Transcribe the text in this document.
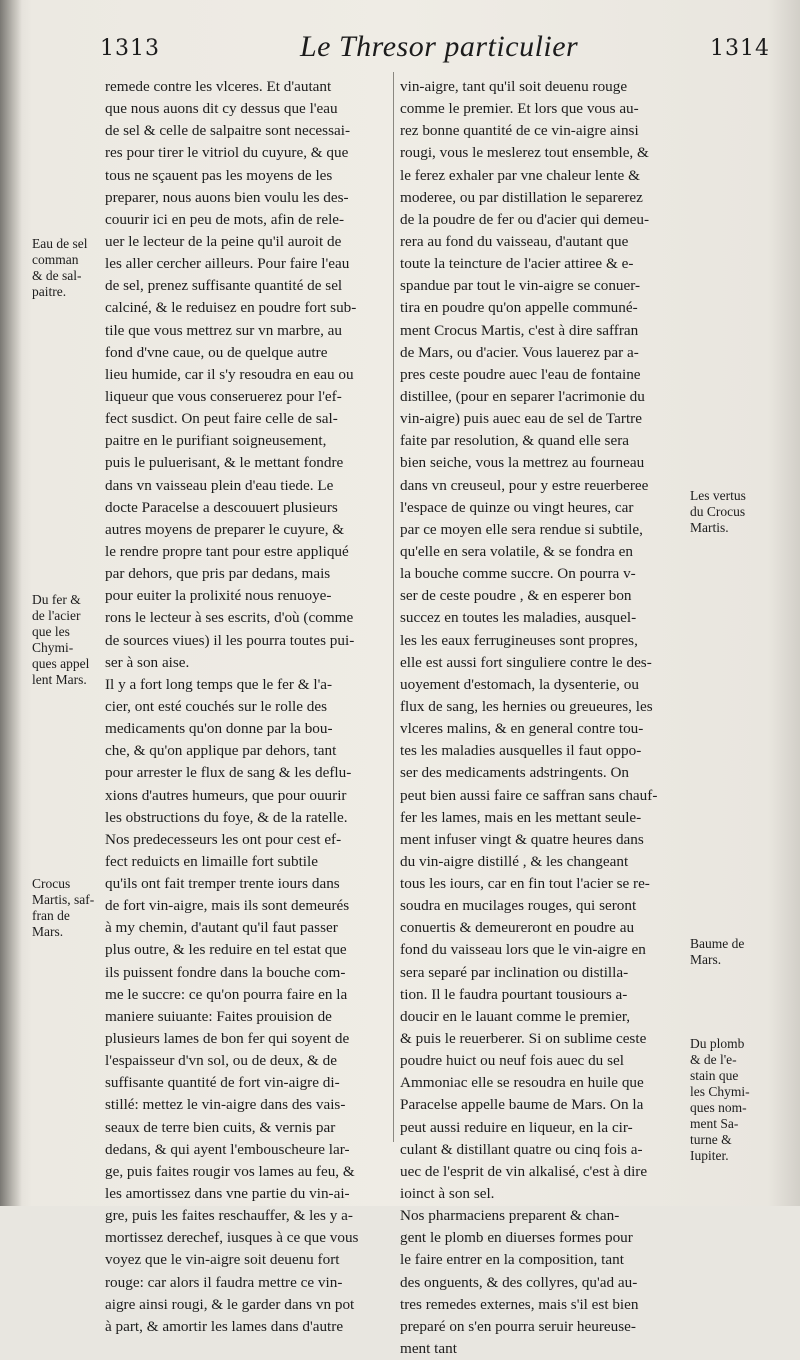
1313	Le Thresor particulier	1314
remede contre les vlceres. Et d'autant
que nous auons dit cy dessus que l'eau
de sel & celle de salpaitre sont necessai-
res pour tirer le vitriol du cuyure, & que
tous ne sçauent pas les moyens de les
preparer, nous auons bien voulu les des-
couurir ici en peu de mots, afin de rele-
uer le lecteur de la peine qu'il auroit de
les aller cercher ailleurs. Pour faire l'eau
de sel, prenez suffisante quantité de sel
calciné, & le reduisez en poudre fort sub-
tile que vous mettrez sur vn marbre, au
fond d'vne caue, ou de quelque autre
lieu humide, car il s'y resoudra en eau ou
liqueur que vous conseruerez pour l'ef-
fect susdict. On peut faire celle de sal-
paitre en le purifiant soigneusement,
puis le puluerisant, & le mettant fondre
dans vn vaisseau plein d'eau tiede. Le
docte Paracelse a descouuert plusieurs
autres moyens de preparer le cuyure, &
le rendre propre tant pour estre appliqué
par dehors, que pris par dedans, mais
pour euiter la prolixité nous renuoye-
rons le lecteur à ses escrits, d'où (comme
de sources viues) il les pourra toutes pui-
ser à son aise.
Il y a fort long temps que le fer & l'a-
cier, ont esté couchés sur le rolle des
medicaments qu'on donne par la bou-
che, & qu'on applique par dehors, tant
pour arrester le flux de sang & les deflu-
xions d'autres humeurs, que pour ouurir
les obstructions du foye, & de la ratelle.
Nos predecesseurs les ont pour cest ef-
fect reduicts en limaille fort subtile
qu'ils ont fait tremper trente iours dans
de fort vin-aigre, mais ils sont demeurés
à my chemin, d'autant qu'il faut passer
plus outre, & les reduire en tel estat que
ils puissent fondre dans la bouche com-
me le succre: ce qu'on pourra faire en la
maniere suiuante: Faites prouision de
plusieurs lames de bon fer qui soyent de
l'espaisseur d'vn sol, ou de deux, & de
suffisante quantité de fort vin-aigre di-
stillé: mettez le vin-aigre dans des vais-
seaux de terre bien cuits, & vernis par
dedans, & qui ayent l'embouscheure lar-
ge, puis faites rougir vos lames au feu, &
les amortissez dans vne partie du vin-ai-
gre, puis les faites reschauffer, & les y a-
mortissez derechef, iusques à ce que vous
voyez que le vin-aigre soit deuenu fort
rouge: car alors il faudra mettre ce vin-
aigre ainsi rougi, & le garder dans vn pot
à part, & amortir les lames dans d'autre
vin-aigre, tant qu'il soit deuenu rouge
comme le premier. Et lors que vous au-
rez bonne quantité de ce vin-aigre ainsi
rougi, vous le meslerez tout ensemble, &
le ferez exhaler par vne chaleur lente &
moderee, ou par distillation le separerez
de la poudre de fer ou d'acier qui demeu-
rera au fond du vaisseau, d'autant que
toute la teincture de l'acier attiree & e-
spandue par tout le vin-aigre se conuer-
tira en poudre qu'on appelle communé-
ment Crocus Martis, c'est à dire saffran
de Mars, ou d'acier. Vous lauerez par a-
pres ceste poudre auec l'eau de fontaine
distillee, (pour en separer l'acrimonie du
vin-aigre) puis auec eau de sel de Tartre
faite par resolution, & quand elle sera
bien seiche, vous la mettrez au fourneau
dans vn creuseul, pour y estre reuerberee
l'espace de quinze ou vingt heures, car
par ce moyen elle sera rendue si subtile,
qu'elle en sera volatile, & se fondra en
la bouche comme succre. On pourra v-
ser de ceste poudre , & en esperer bon
succez en toutes les maladies, ausquel-
les les eaux ferrugineuses sont propres,
elle est aussi fort singuliere contre le des-
uoyement d'estomach, la dysenterie, ou
flux de sang, les hernies ou greueures, les
vlceres malins, & en general contre tou-
tes les maladies ausquelles il faut oppo-
ser des medicaments adstringents. On
peut bien aussi faire ce saffran sans chauf-
fer les lames, mais en les mettant seule-
ment infuser vingt & quatre heures dans
du vin-aigre distillé , & les changeant
tous les iours, car en fin tout l'acier se re-
soudra en mucilages rouges, qui seront
conuertis & demeureront en poudre au
fond du vaisseau lors que le vin-aigre en
sera separé par inclination ou distilla-
tion. Il le faudra pourtant tousiours a-
doucir en le lauant comme le premier,
& puis le reuerberer. Si on sublime ceste
poudre huict ou neuf fois auec du sel
Ammoniac elle se resoudra en huile que
Paracelse appelle baume de Mars. On la
peut aussi reduire en liqueur, en la cir-
culant & distillant quatre ou cinq fois a-
uec de l'esprit de vin alkalisé, c'est à dire
ioinct à son sel.
Nos pharmaciens preparent & chan-
gent le plomb en diuerses formes pour
le faire entrer en la composition, tant
des onguents, & des collyres, qu'ad au-
tres remedes externes, mais s'il est bien
preparé on s'en pourra seruir heureuse-
ment tant
Eau de sel
comman
& de sal-
paitre.
Du fer &
de l'acier
que les
Chymi-
ques appel
lent Mars.
Crocus
Martis, saf-
fran de
Mars.
Les vertus
du Crocus
Martis.
Baume de
Mars.
Du plomb
& de l'e-
stain que
les Chymi-
ques nom-
ment Sa-
turne &
Iupiter.
